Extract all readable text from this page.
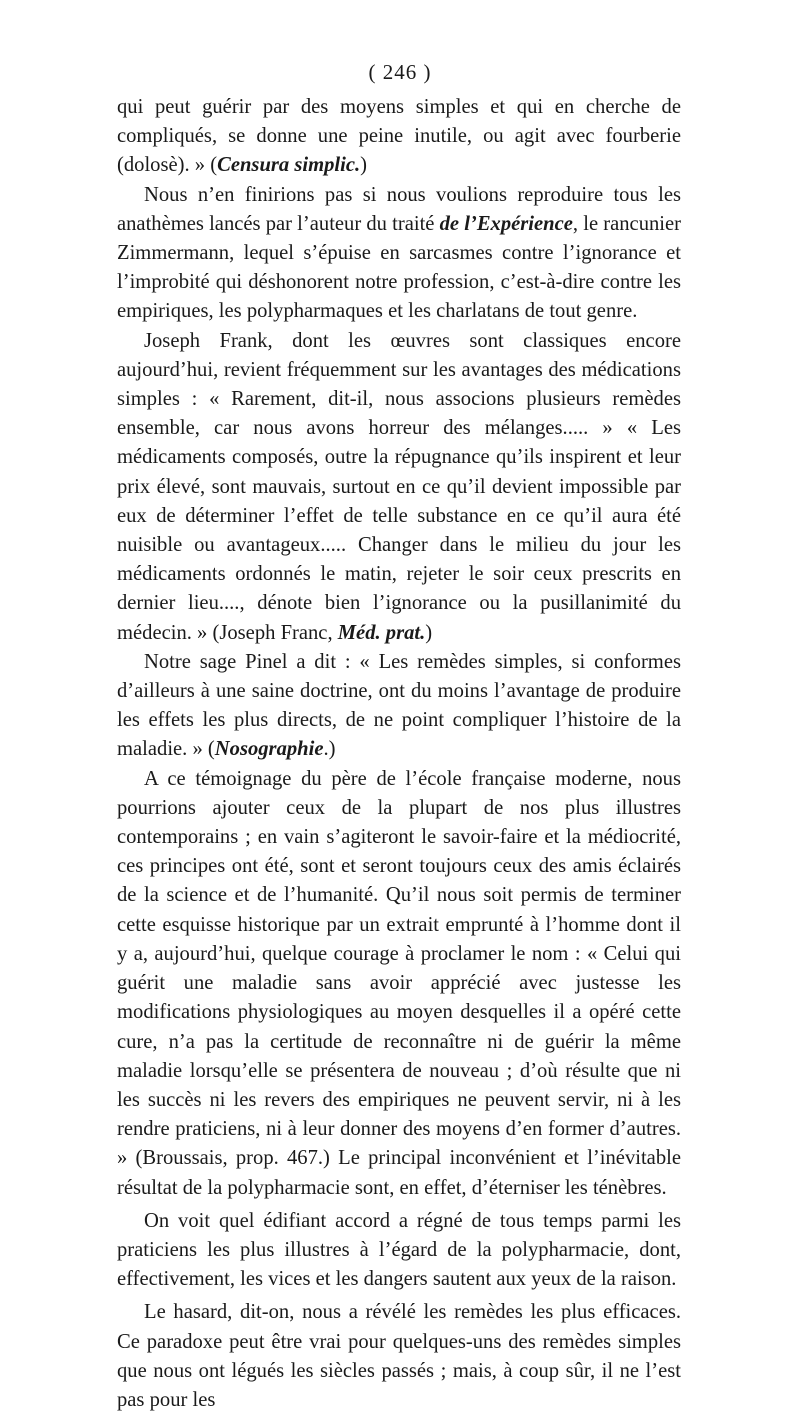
( 246 )

qui peut guérir par des moyens simples et qui en cherche de compliqués, se donne une peine inutile, ou agit avec fourberie (dolosè). » (Censura simplic.)

Nous n’en finirions pas si nous voulions reproduire tous les anathèmes lancés par l’auteur du traité de l’Expérience, le rancunier Zimmermann, lequel s’épuise en sarcasmes contre l’ignorance et l’improbité qui déshonorent notre profession, c’est-à-dire contre les empiriques, les polypharmaques et les charlatans de tout genre.

Joseph Frank, dont les œuvres sont classiques encore aujourd’hui, revient fréquemment sur les avantages des médications simples : « Rarement, dit-il, nous associons plusieurs remèdes ensemble, car nous avons horreur des mélanges..... » « Les médicaments composés, outre la répugnance qu’ils inspirent et leur prix élevé, sont mauvais, surtout en ce qu’il devient impossible par eux de déterminer l’effet de telle substance en ce qu’il aura été nuisible ou avantageux..... Changer dans le milieu du jour les médicaments ordonnés le matin, rejeter le soir ceux prescrits en dernier lieu...., dénote bien l’ignorance ou la pusillanimité du médecin. » (Joseph Franc, Méd. prat.)

Notre sage Pinel a dit : « Les remèdes simples, si conformes d’ailleurs à une saine doctrine, ont du moins l’avantage de produire les effets les plus directs, de ne point compliquer l’histoire de la maladie. » (Nosographie.)

A ce témoignage du père de l’école française moderne, nous pourrions ajouter ceux de la plupart de nos plus illustres contemporains ; en vain s’agiteront le savoir-faire et la médiocrité, ces principes ont été, sont et seront toujours ceux des amis éclairés de la science et de l’humanité. Qu’il nous soit permis de terminer cette esquisse historique par un extrait emprunté à l’homme dont il y a, aujourd’hui, quelque courage à proclamer le nom : « Celui qui guérit une maladie sans avoir apprécié avec justesse les modifications physiologiques au moyen desquelles il a opéré cette cure, n’a pas la certitude de reconnaître ni de guérir la même maladie lorsqu’elle se présentera de nouveau ; d’où résulte que ni les succès ni les revers des empiriques ne peuvent servir, ni à les rendre praticiens, ni à leur donner des moyens d’en former d’autres. » (Broussais, prop. 467.) Le principal inconvénient et l’inévitable résultat de la polypharmacie sont, en effet, d’éterniser les ténèbres.

On voit quel édifiant accord a régné de tous temps parmi les praticiens les plus illustres à l’égard de la polypharmacie, dont, effectivement, les vices et les dangers sautent aux yeux de la raison.

Le hasard, dit-on, nous a révélé les remèdes les plus efficaces. Ce paradoxe peut être vrai pour quelques-uns des remèdes simples que nous ont légués les siècles passés ; mais, à coup sûr, il ne l’est pas pour les
